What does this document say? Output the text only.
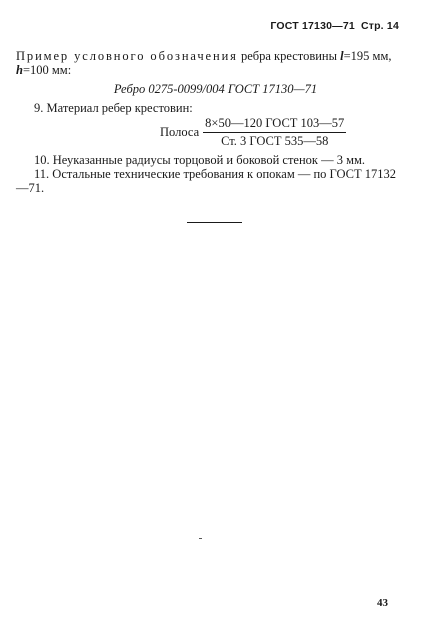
ГОСТ 17130—71 Стр. 14
Пример условного обозначения ребра крестовины l=195 мм, h=100 мм:
Ребро 0275-0099/004 ГОСТ 17130—71
9. Материал ребер крестовин:
Полоса $\frac{\text{8×50—120 ГОСТ 103—57}}{\text{Ст. 3 ГОСТ 535—58}}$
10. Неуказанные радиусы торцовой и боковой стенок — 3 мм.
11. Остальные технические требования к опокам — по ГОСТ 17132—71.
43
